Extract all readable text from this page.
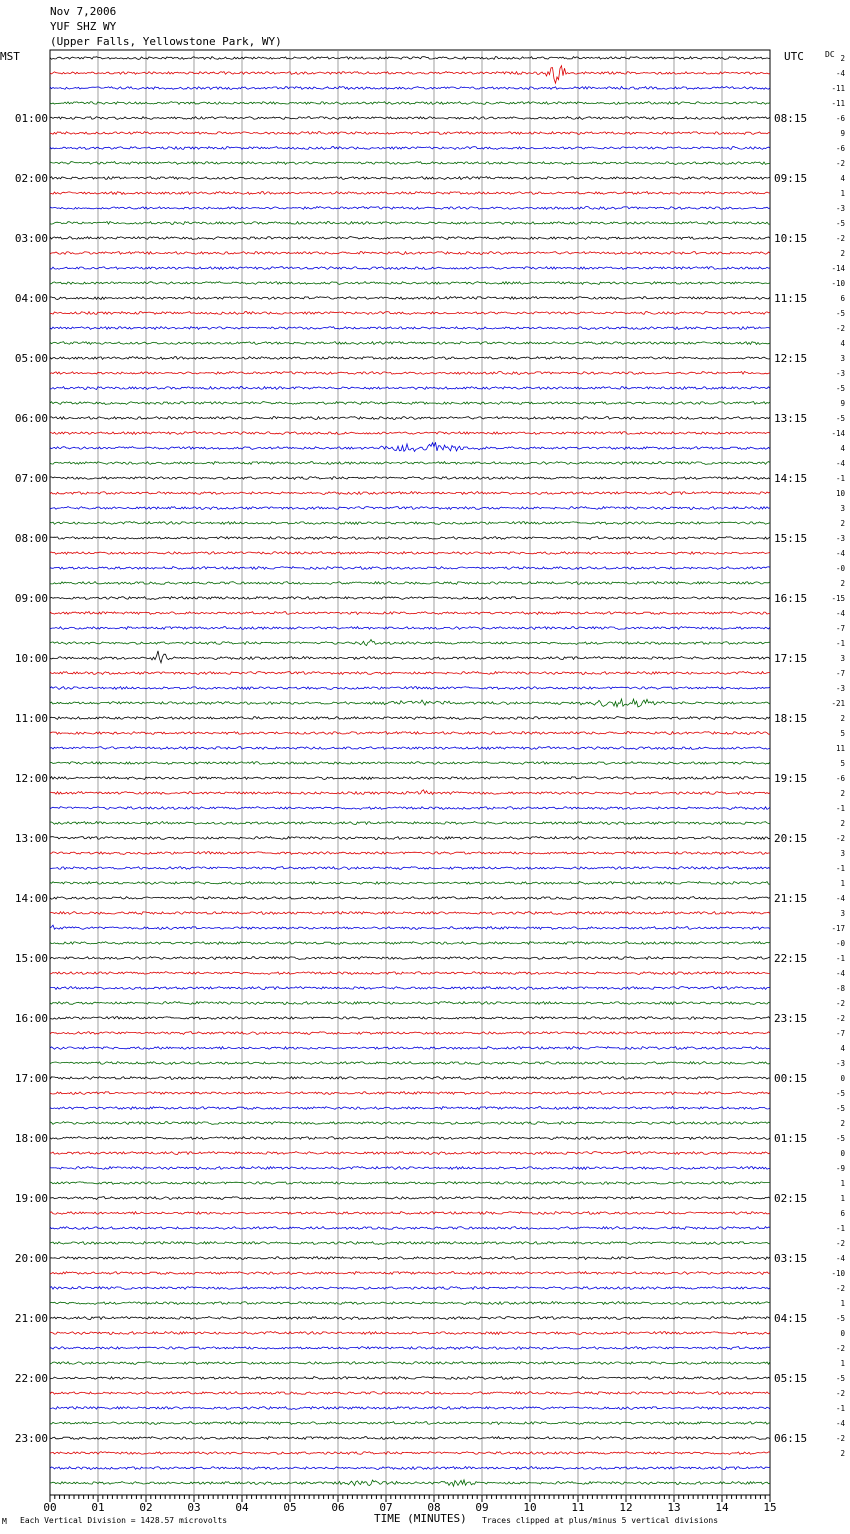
Nov 7,2006
YUF SHZ WY
(Upper Falls, Yellowstone Park, WY)
MST	UTC	DC
00	01	02	03	04	05	06	07	08	09	10	11	12	13	14	15
2
-4
-11
-11
-6
9
-6
-2
4
1
-3
-5
-2
2
-14
-10
6
-5
-2
4
3
-3
-5
9
-5
-14
4
-4
-1
10
3
2
-3
-4
-0
2
-15
-4
-7
-1
3
-7
-3
-21
2
5
11
5
-6
2
-1
2
-2
3
-1
1
-4
3
-17
-0
-1
-4
-8
-2
-2
-7
4
-3
0
-5
-5
2
-5
0
-9
1
1
6
-1
-2
-4
-10
-2
1
-5
0
-2
1
-5
-2
-1
-4
-2
2
01:00
02:00
03:00
04:00
05:00
06:00
07:00
08:00
09:00
10:00
11:00
12:00
13:00
14:00
15:00
16:00
17:00
18:00
19:00
20:00
21:00
22:00
23:00
08:15
09:15
10:15
11:15
12:15
13:15
14:15
15:15
16:15
17:15
18:15
19:15
20:15
21:15
22:15
23:15
00:15
01:15
02:15
03:15
04:15
05:15
06:15
M Each Vertical Division = 1428.57 microvolts	TIME (MINUTES) Traces clipped at plus/minus 5 vertical divisions
